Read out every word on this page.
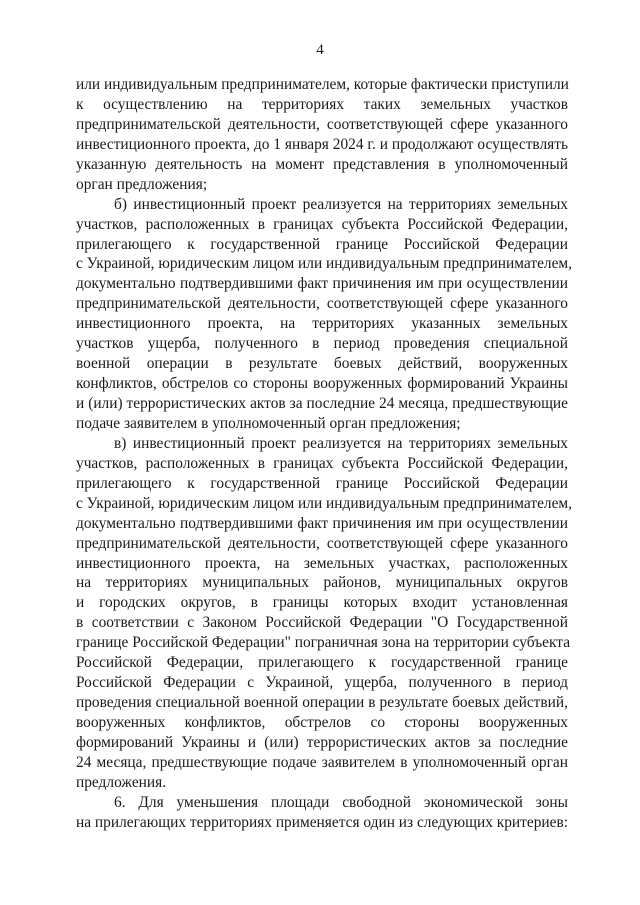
4
или индивидуальным предпринимателем, которые фактически приступили
к осуществлению на территориях таких земельных участков
предпринимательской деятельности, соответствующей сфере указанного
инвестиционного проекта, до 1 января 2024 г. и продолжают осуществлять
указанную деятельность на момент представления в уполномоченный
орган предложения;
б) инвестиционный проект реализуется на территориях земельных
участков, расположенных в границах субъекта Российской Федерации,
прилегающего к государственной границе Российской Федерации
с Украиной, юридическим лицом или индивидуальным предпринимателем,
документально подтвердившими факт причинения им при осуществлении
предпринимательской деятельности, соответствующей сфере указанного
инвестиционного проекта, на территориях указанных земельных
участков ущерба, полученного в период проведения специальной
военной операции в результате боевых действий, вооруженных
конфликтов, обстрелов со стороны вооруженных формирований Украины
и (или) террористических актов за последние 24 месяца, предшествующие
подаче заявителем в уполномоченный орган предложения;
в) инвестиционный проект реализуется на территориях земельных
участков, расположенных в границах субъекта Российской Федерации,
прилегающего к государственной границе Российской Федерации
с Украиной, юридическим лицом или индивидуальным предпринимателем,
документально подтвердившими факт причинения им при осуществлении
предпринимательской деятельности, соответствующей сфере указанного
инвестиционного проекта, на земельных участках, расположенных
на территориях муниципальных районов, муниципальных округов
и городских округов, в границы которых входит установленная
в соответствии с Законом Российской Федерации "О Государственной
границе Российской Федерации" пограничная зона на территории субъекта
Российской Федерации, прилегающего к государственной границе
Российской Федерации с Украиной, ущерба, полученного в период
проведения специальной военной операции в результате боевых действий,
вооруженных конфликтов, обстрелов со стороны вооруженных
формирований Украины и (или) террористических актов за последние
24 месяца, предшествующие подаче заявителем в уполномоченный орган
предложения.
6. Для уменьшения площади свободной экономической зоны
на прилегающих территориях применяется один из следующих критериев:
